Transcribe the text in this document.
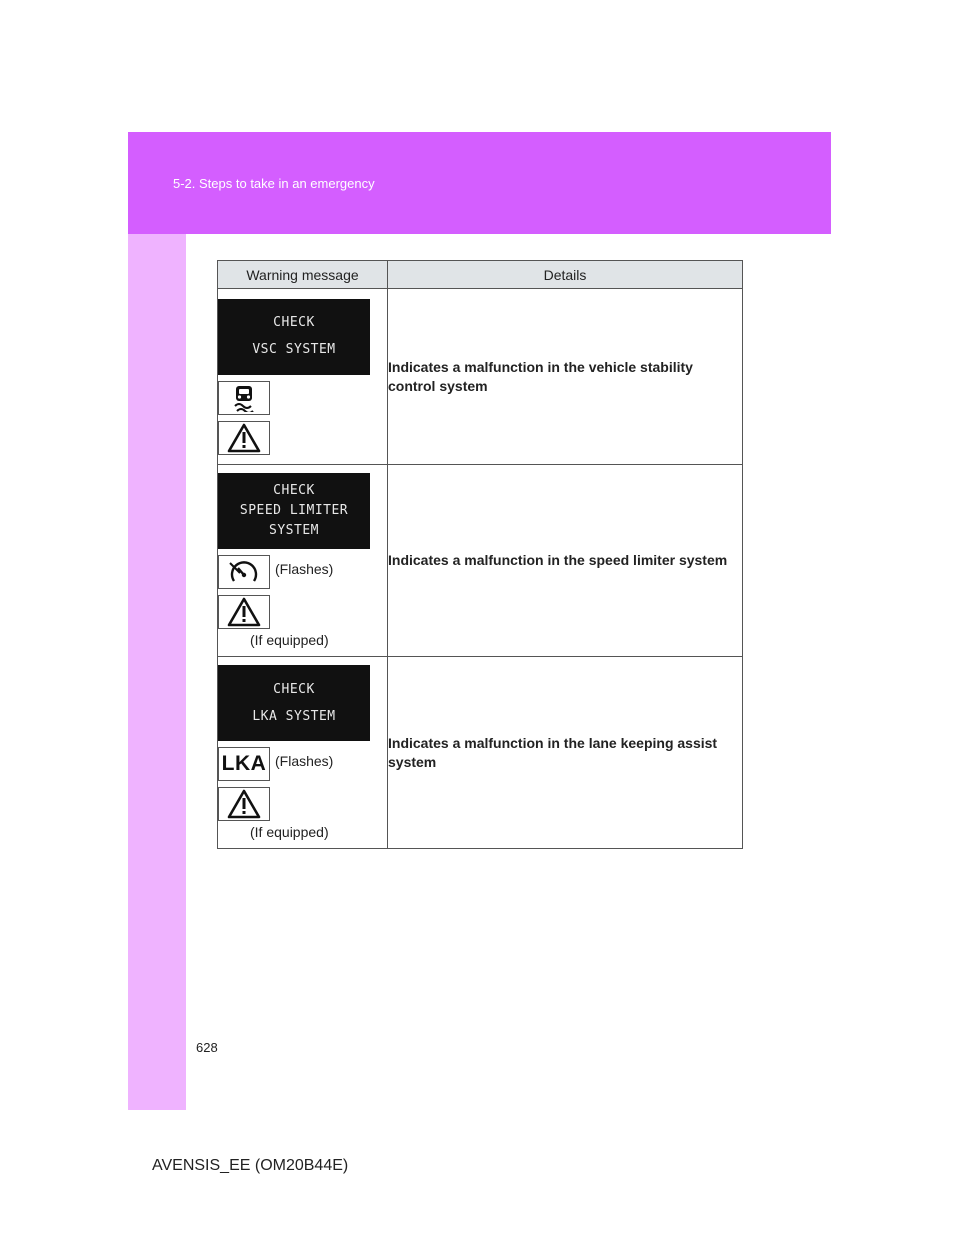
5-2. Steps to take in an emergency
Warning message	Details

CHECK
VSC SYSTEM	Indicates a malfunction in the vehicle stability control system

CHECK
SPEED LIMITER
SYSTEM
(Flashes)
(If equipped)	Indicates a malfunction in the speed limiter system

CHECK
LKA SYSTEM
LKA (Flashes)
(If equipped)	Indicates a malfunction in the lane keeping assist system
628
AVENSIS_EE (OM20B44E)
